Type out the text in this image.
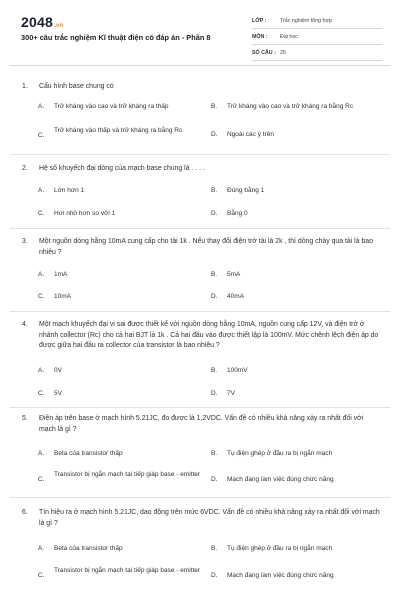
2048.vn
300+ câu trắc nghiệm Kĩ thuật điện có đáp án - Phần 8
LỚP :	Trắc nghiệm tổng hợp
MÔN :	Đại học
SỐ CÂU : 25
1. Cấu hình base chung có
A. Trở kháng vào cao và trở kháng ra thấp	B. Trở kháng vào cao và trở kháng ra bằng Rc
C.
Trở kháng vào thấp và trở kháng ra bằng Rc
D. Ngoài các ý trên
2. Hệ số khuyếch đại dòng của mạch base chung là . . . .
A. Lớn hơn 1	B. Đúng bằng 1
C. Hơi nhỏ hơn so với 1	D. Bằng 0
3. Một nguồn dòng hằng 10mA cung cấp cho tải 1k . Nếu thay đổi điện trở tải là 2k , thì dòng chảy qua tải là bao nhiêu ?
A. 1mA	B. 5mA
C. 10mA	D. 40mA
4. Một mạch khuyếch đại vi sai được thiết kế với nguồn dòng hằng 10mA, nguồn cung cấp 12V, và điện trở ở nhánh collector (Rc) cho cả hai BJT là 1k . Cả hai đầu vào được thiết lập là 100mV. Mức chênh lệch điện áp do được giữa hai đầu ra collector của transistor là bao nhiêu ?
A. 0V	B. 100mV
C. 5V	D. 7V
5. Điện áp trên base ở mạch hình 5.21JC, đo được là 1,2VDC. Vấn đề có nhiều khả năng xảy ra nhất đối với mạch là gì ?
A. Beta của transistor thấp	B. Tụ điện ghép ở đầu ra bị ngắn mạch
C.
Transistor bị ngắn mạch tại tiếp giáp base - emitter
D. Mạch đang làm việc đúng chức năng
6. Tín hiệu ra ở mạch hình 5.21JC, dao động trên mức 6VDC. Vấn đề có nhiều khả năng xảy ra nhất đối với mạch là gì ?
A. Beta của transistor thấp	B. Tụ điện ghép ở đầu ra bị ngắn mạch
C.
Transistor bị ngắn mạch tại tiếp giáp base - emitter
D. Mạch đang làm việc đúng chức năng
